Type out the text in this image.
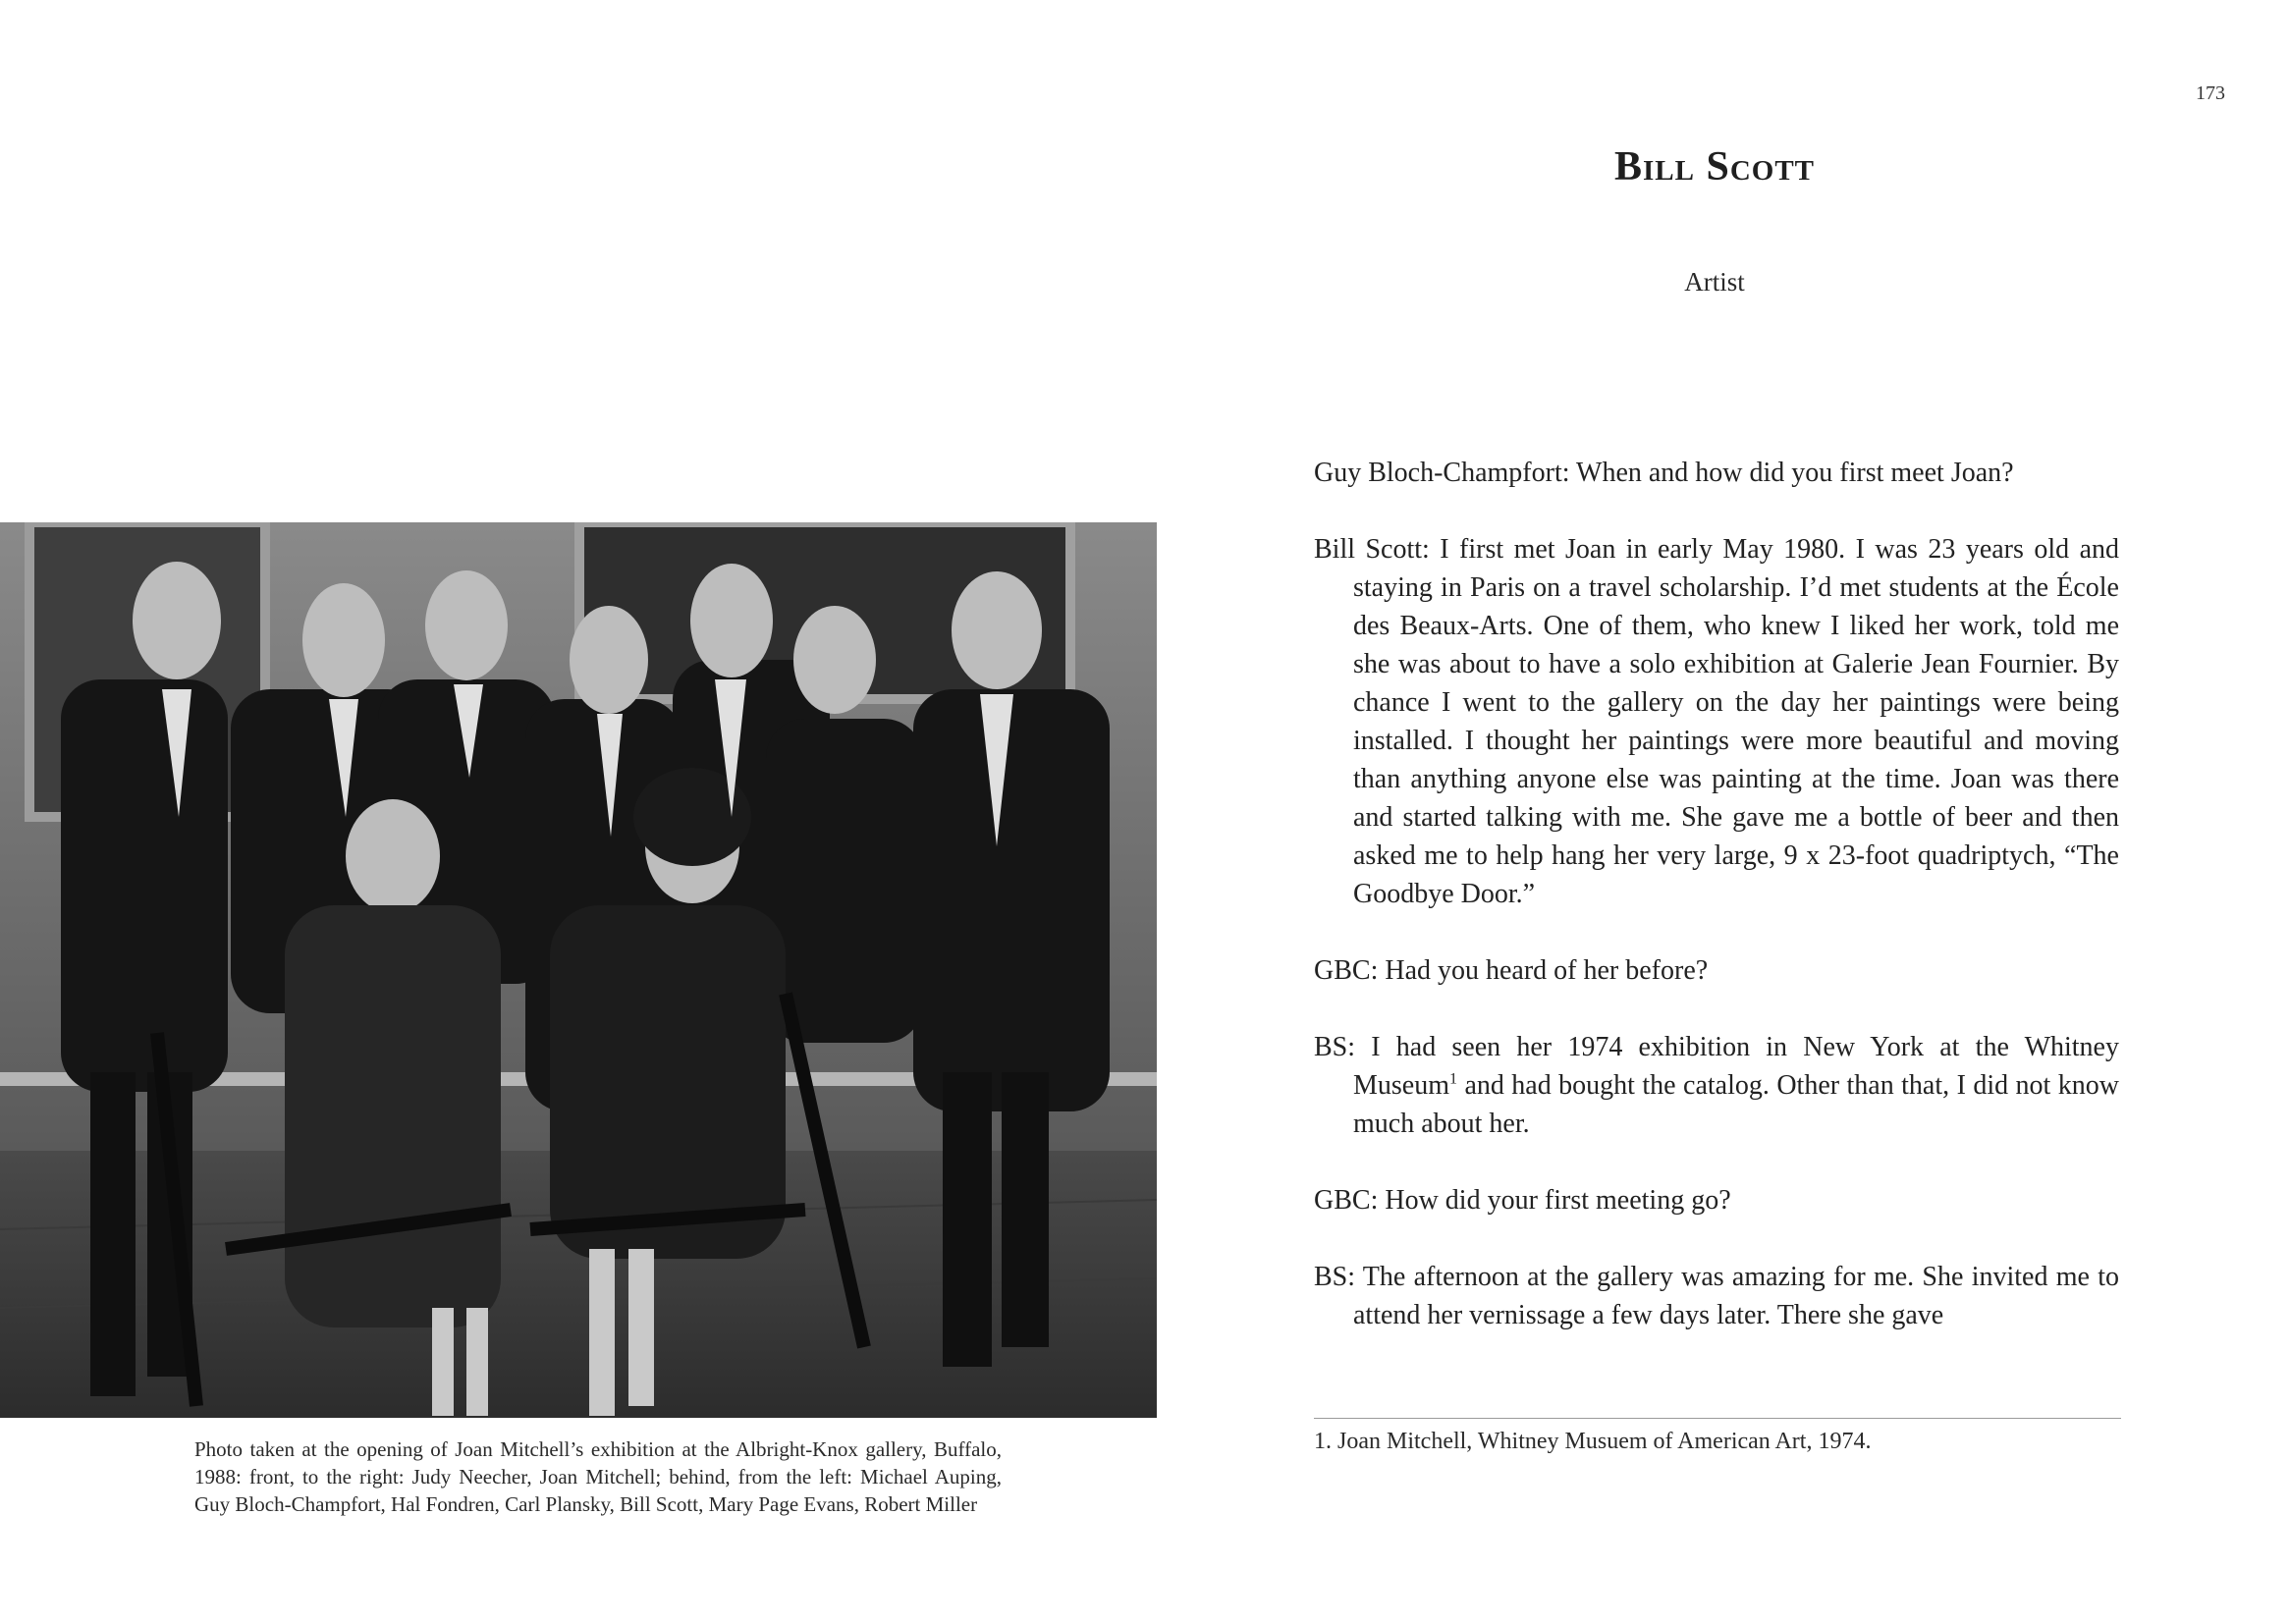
Photo taken at the opening of Joan Mitchell’s exhibition at the Albright-Knox gallery, Buffalo, 1988: front, to the right: Judy Neecher, Joan Mitchell; behind, from the left: Michael Auping, Guy Bloch-Champfort, Hal Fondren, Carl Plansky, Bill Scott, Mary Page Evans, Robert Miller
173
Bill Scott
Artist

Guy Bloch-Champfort: When and how did you first meet Joan?

Bill Scott: I first met Joan in early May 1980. I was 23 years old and staying in Paris on a travel scholarship. I’d met students at the École des Beaux-Arts. One of them, who knew I liked her work, told me she was about to have a solo exhibition at Galerie Jean Fournier. By chance I went to the gallery on the day her paintings were being installed. I thought her paintings were more beautiful and moving than anything anyone else was painting at the time. Joan was there and started talking with me. She gave me a bottle of beer and then asked me to help hang her very large, 9 x 23-foot quadriptych, “The Goodbye Door.”

GBC: Had you heard of her before?

BS: I had seen her 1974 exhibition in New York at the Whitney Museum$^1$ and had bought the catalog. Other than that, I did not know much about her.

GBC: How did your first meeting go?

BS: The afternoon at the gallery was amazing for me. She invited me to attend her vernissage a few days later. There she gave

1. Joan Mitchell, Whitney Musuem of American Art, 1974.
